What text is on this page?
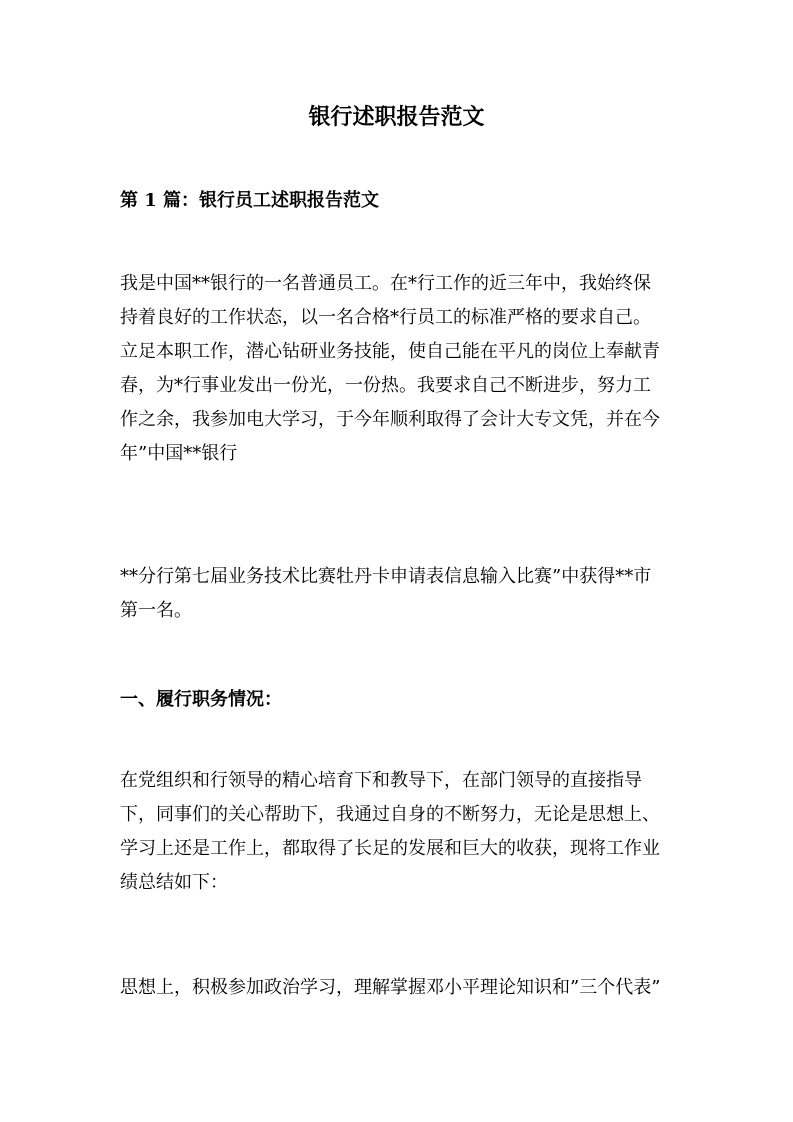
银行述职报告范文
第 1 篇：银行员工述职报告范文

我是中国**银行的一名普通员工。在*行工作的近三年中，我始终保
持着良好的工作状态，以一名合格*行员工的标准严格的要求自己。
立足本职工作，潜心钻研业务技能，使自己能在平凡的岗位上奉献青
春，为*行事业发出一份光，一份热。我要求自己不断进步，努力工
作之余，我参加电大学习，于今年顺利取得了会计大专文凭，并在今
年”中国**银行

**分行第七届业务技术比赛牡丹卡申请表信息输入比赛”中获得**市
第一名。

一、履行职务情况：

在党组织和行领导的精心培育下和教导下，在部门领导的直接指导
下，同事们的关心帮助下，我通过自身的不断努力，无论是思想上、
学习上还是工作上，都取得了长足的发展和巨大的收获，现将工作业
绩总结如下：

思想上，积极参加政治学习，理解掌握邓小平理论知识和”三个代表”
